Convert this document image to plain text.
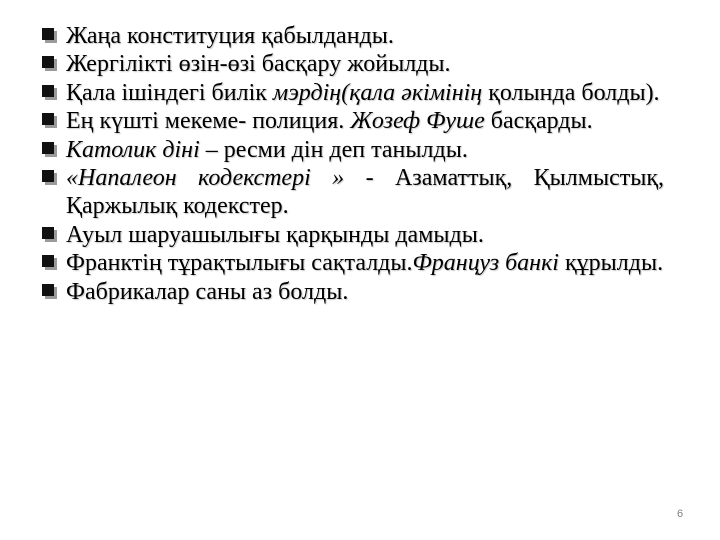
Жаңа конституция қабылданды.
Жергілікті өзін-өзі басқару жойылды.
Қала ішіндегі билік мэрдің(қала әкімінің қолында болды).
Ең күшті мекеме- полиция. Жозеф Фуше басқарды.
Католик діні – ресми дін деп танылды.
«Напалеон кодекстері » - Азаматтық, Қылмыстық, Қаржылық кодекстер.
Ауыл шаруашылығы қарқынды дамыды.
Франктің тұрақтылығы сақталды.Француз банкі құрылды.
Фабрикалар саны аз болды.
6
